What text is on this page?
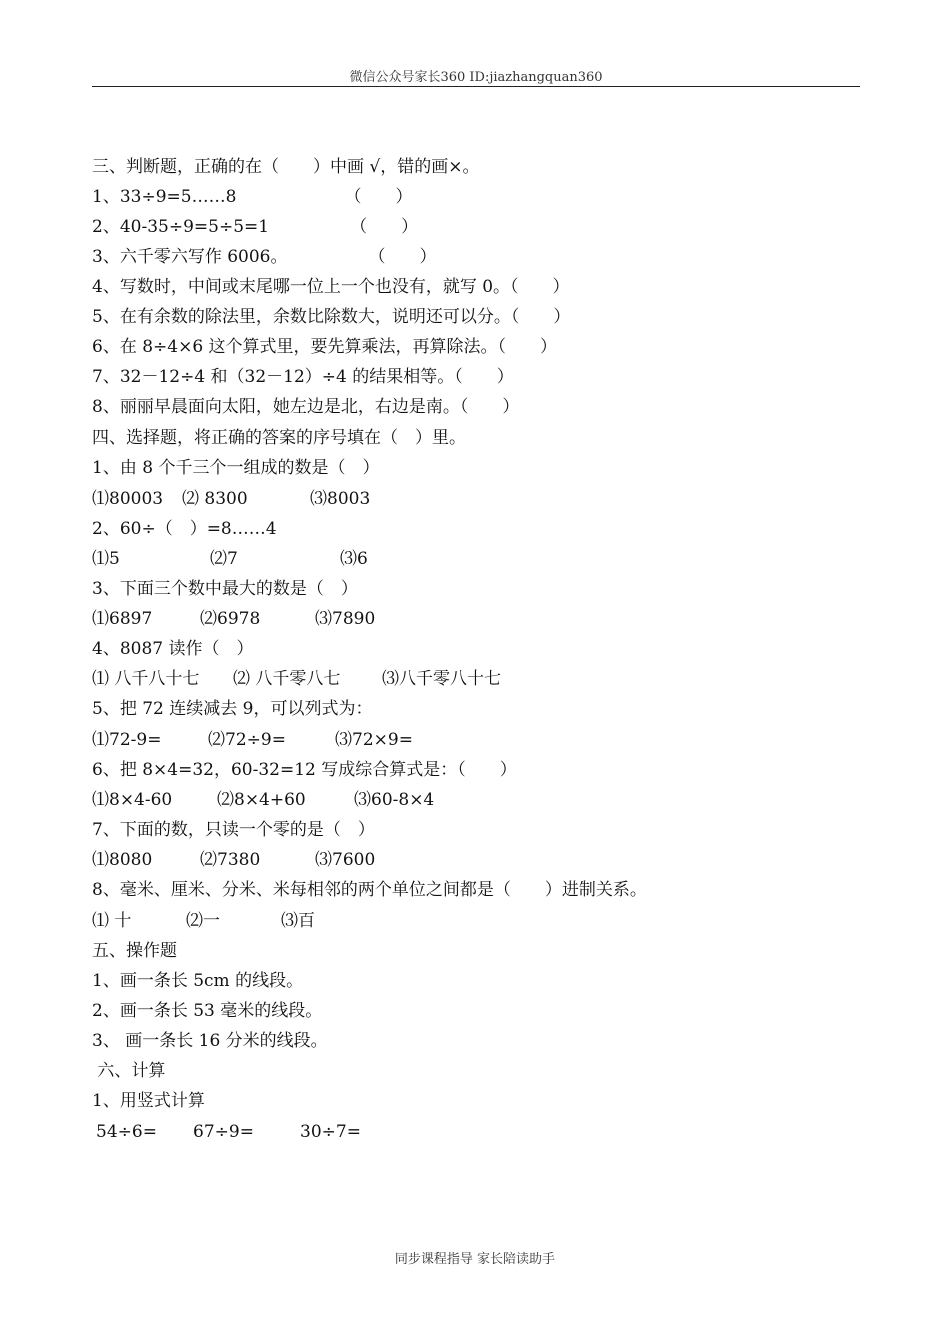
微信公众号家长360 ID:jiazhangquan360
三、判断题，正确的在（　　）中画 √，错的画×。
1、33÷9=5……8                    （　　）
2、40-35÷9=5÷5=1               （　　）
3、六千零六写作 6006。               （　　）
4、写数时，中间或末尾哪一位上一个也没有，就写 0。（　　）
5、在有余数的除法里，余数比除数大，说明还可以分。（　　）
6、在 8÷4×6 这个算式里，要先算乘法，再算除法。（　　）
7、32－12÷4 和（32－12）÷4 的结果相等。（　　）
8、丽丽早晨面向太阳，她左边是北，右边是南。（　　）
四、选择题，将正确的答案的序号填在（　）里。
1、由 8 个千三个一组成的数是（　）
⑴80003 ⑵ 8300	⑶8003
2、60÷（　）=8……4
⑴5	⑵7	⑶6
3、下面三个数中最大的数是（　）
⑴6897	⑵6978	⑶7890
4、8087 读作（　）
⑴ 八千八十七 ⑵ 八千零八七 ⑶八千零八十七
5、把 72 连续减去 9，可以列式为：
⑴72-9=	⑵72÷9=	⑶72×9=
6、把 8×4=32，60-32=12 写成综合算式是：（　　）
⑴8×4-60	⑵8×4+60	⑶60-8×4
7、下面的数，只读一个零的是（　）
⑴8080	⑵7380	⑶7600
8、毫米、厘米、分米、米每相邻的两个单位之间都是（　　）进制关系。
⑴ 十	⑵一	⑶百
五、操作题
1、画一条长 5cm 的线段。
2、画一条长 53 毫米的线段。
3、 画一条长 16 分米的线段。
六、计算
1、用竖式计算
54÷6= 67÷9=	30÷7=
同步课程指导 家长陪读助手
